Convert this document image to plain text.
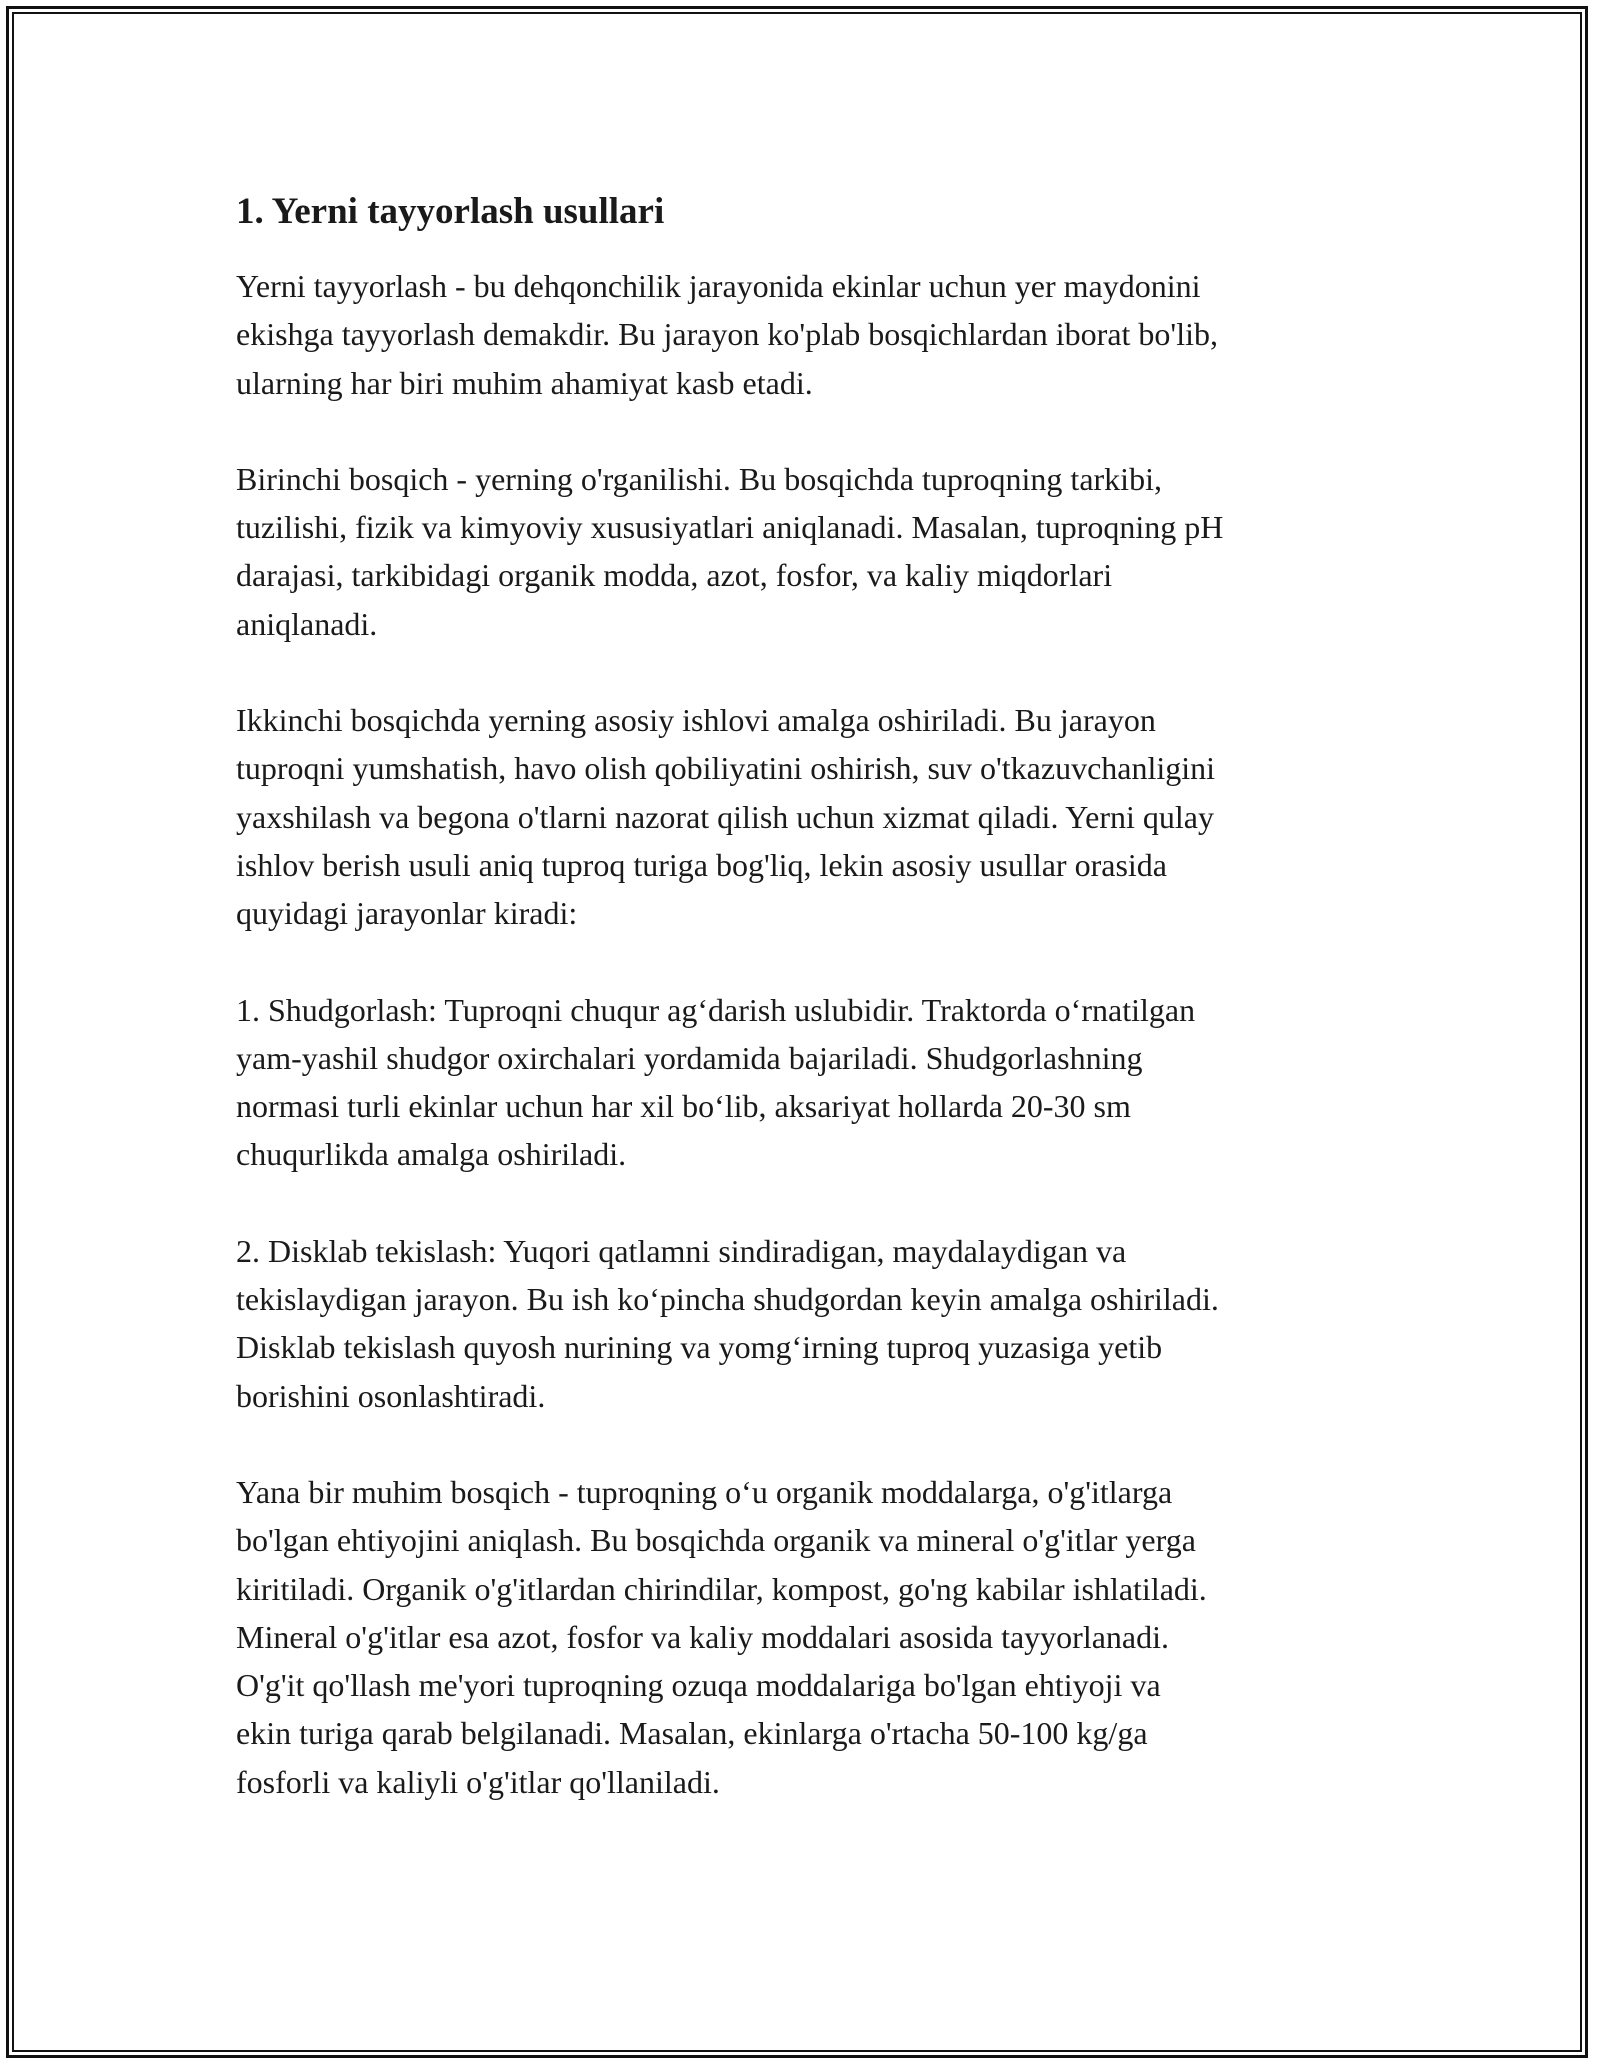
1. Yerni tayyorlash usullari

Yerni tayyorlash - bu dehqonchilik jarayonida ekinlar uchun yer maydonini
ekishga tayyorlash demakdir. Bu jarayon ko'plab bosqichlardan iborat bo'lib,
ularning har biri muhim ahamiyat kasb etadi.

Birinchi bosqich - yerning o'rganilishi. Bu bosqichda tuproqning tarkibi,
tuzilishi, fizik va kimyoviy xususiyatlari aniqlanadi. Masalan, tuproqning pH
darajasi, tarkibidagi organik modda, azot, fosfor, va kaliy miqdorlari
aniqlanadi.

Ikkinchi bosqichda yerning asosiy ishlovi amalga oshiriladi. Bu jarayon
tuproqni yumshatish, havo olish qobiliyatini oshirish, suv o'tkazuvchanligini
yaxshilash va begona o'tlarni nazorat qilish uchun xizmat qiladi. Yerni qulay
ishlov berish usuli aniq tuproq turiga bog'liq, lekin asosiy usullar orasida
quyidagi jarayonlar kiradi:

1. Shudgorlash: Tuproqni chuqur ag‘darish uslubidir. Traktorda o‘rnatilgan
yam-yashil shudgor oxirchalari yordamida bajariladi. Shudgorlashning
normasi turli ekinlar uchun har xil bo‘lib, aksariyat hollarda 20-30 sm
chuqurlikda amalga oshiriladi.

2. Disklab tekislash: Yuqori qatlamni sindiradigan, maydalaydigan va
tekislaydigan jarayon. Bu ish ko‘pincha shudgordan keyin amalga oshiriladi.
Disklab tekislash quyosh nurining va yomg‘irning tuproq yuzasiga yetib
borishini osonlashtiradi.

Yana bir muhim bosqich - tuproqning o‘u organik moddalarga, o'g'itlarga
bo'lgan ehtiyojini aniqlash. Bu bosqichda organik va mineral o'g'itlar yerga
kiritiladi. Organik o'g'itlardan chirindilar, kompost, go'ng kabilar ishlatiladi.
Mineral o'g'itlar esa azot, fosfor va kaliy moddalari asosida tayyorlanadi.
O'g'it qo'llash me'yori tuproqning ozuqa moddalariga bo'lgan ehtiyoji va
ekin turiga qarab belgilanadi. Masalan, ekinlarga o'rtacha 50-100 kg/ga
fosforli va kaliyli o'g'itlar qo'llaniladi.
